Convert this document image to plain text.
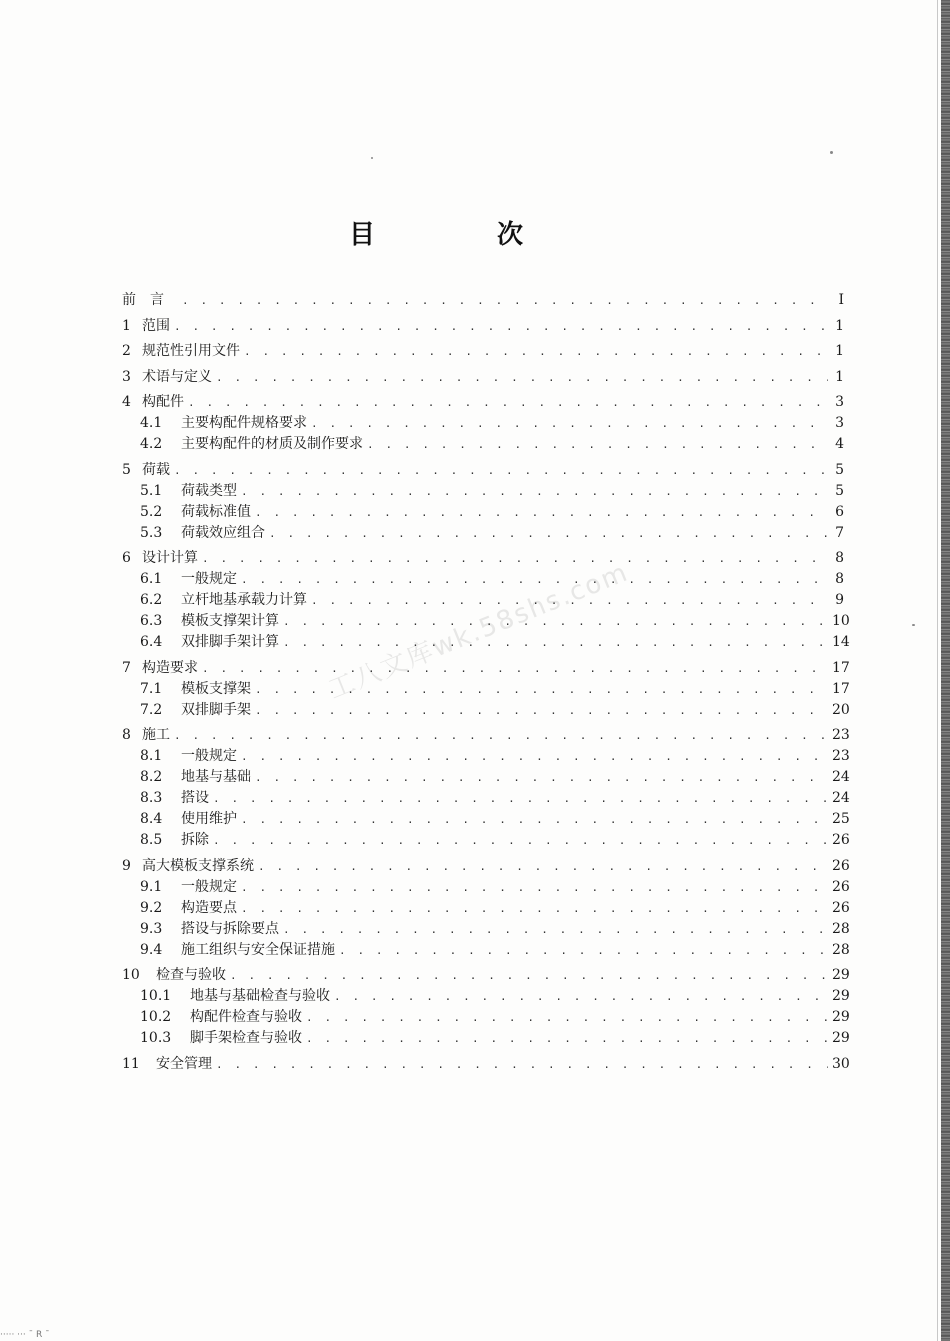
目　次
工八文库wk.58shs.com
前言 . . .	I
1 范围 . . .	1
2 规范性引用文件 . . .	1
3 术语与定义 . . .	1
4 构配件 . . .	3
4.1	主要构配件规格要求 . . .	3
4.2	主要构配件的材质及制作要求 . . .	4
5 荷载 . . .	5
5.1	荷载类型 . . .	5
5.2	荷载标准值 . . .	6
5.3	荷载效应组合 . . .	7
6 设计计算 . . .	8
6.1	一般规定 . . .	8
6.2	立杆地基承载力计算 . . .	9
6.3	模板支撑架计算 . . .	10
6.4	双排脚手架计算 . . .	14
7 构造要求 . . .	17
7.1	模板支撑架 . . .	17
7.2	双排脚手架 . . .	20
8 施工 . . .	23
8.1	一般规定 . . .	23
8.2	地基与基础 . . .	24
8.3	搭设 . . .	24
8.4	使用维护 . . .	25
8.5	拆除 . . .	26
9 高大模板支撑系统 . . .	26
9.1	一般规定 . . .	26
9.2	构造要点 . . .	26
9.3	搭设与拆除要点 . . .	28
9.4	施工组织与安全保证措施 . . .	28
10	检查与验收 . . .	29
10.1	地基与基础检查与验收 . . .	29
10.2	构配件检查与验收 . . .	29
10.3	脚手架检查与验收 . . .	29
11	安全管理 . . .	30
····· ··· ¯ R ¯
